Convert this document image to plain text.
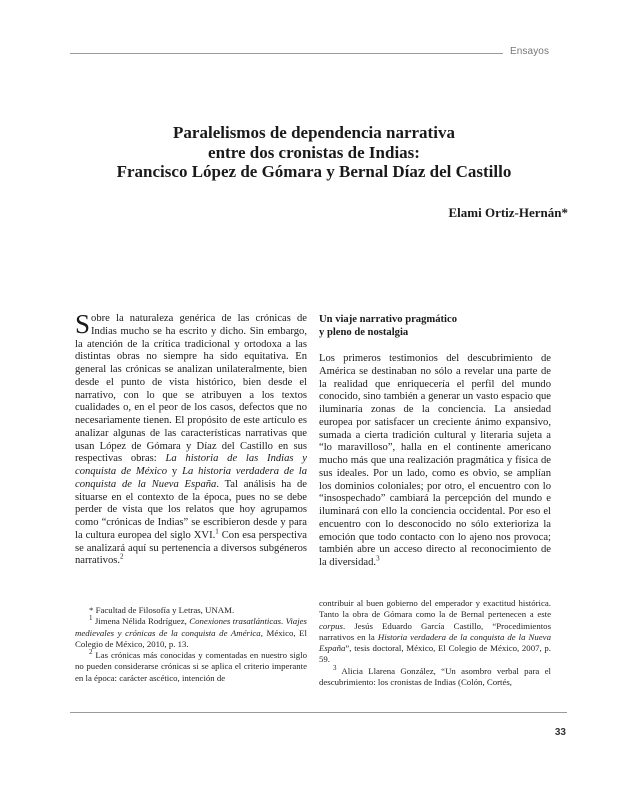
Ensayos
Paralelismos de dependencia narrativa
entre dos cronistas de Indias:
Francisco López de Gómara y Bernal Díaz del Castillo
Elami Ortiz-Hernán*

Sobre la naturaleza genérica de las crónicas de Indias mucho se ha escrito y dicho. Sin embargo, la atención de la crítica tradicional y ortodoxa a las distintas obras no siempre ha sido equitativa. En general las crónicas se analizan unilateralmente, bien desde el punto de vista histórico, bien desde el narrativo, con lo que se atribuyen a los textos cualidades o, en el peor de los casos, defectos que no necesariamente tienen. El propósito de este artículo es analizar algunas de las características narrativas que usan López de Gómara y Díaz del Castillo en sus respectivas obras: La historia de las Indias y conquista de México y La historia verdadera de la conquista de la Nueva España. Tal análisis ha de situarse en el contexto de la época, pues no se debe perder de vista que los relatos que hoy agrupamos como “crónicas de Indias” se escribieron desde y para la cultura europea del siglo XVI.$^1$ Con esa perspectiva se analizará aquí su pertenencia a diversos subgéneros narrativos.$^2$

Un viaje narrativo pragmático
y pleno de nostalgia

Los primeros testimonios del descubrimiento de América se destinaban no sólo a revelar una parte de la realidad que enriquecería el perfil del mundo conocido, sino también a generar un vasto espacio que iluminaría zonas de la conciencia. La ansiedad europea por satisfacer un creciente ánimo expansivo, sumada a cierta tradición cultural y literaria sujeta a “lo maravilloso”, halla en el continente americano mucho más que una realización pragmática y física de sus ideales. Por un lado, como es obvio, se amplían los dominios coloniales; por otro, el encuentro con lo “insospechado” cambiará la percepción del mundo e iluminará con ello la conciencia occidental. Por eso el encuentro con lo desconocido no sólo exterioriza la emoción que todo contacto con lo ajeno nos provoca; también abre un acceso directo al reconocimiento de la diversidad.$^3$

* Facultad de Filosofía y Letras, UNAM.

$^1$ Jimena Nélida Rodríguez, Conexiones trasatlánticas. Viajes medievales y crónicas de la conquista de América, México, El Colegio de México, 2010, p. 13.

$^2$ Las crónicas más conocidas y comentadas en nuestro siglo no pueden considerarse crónicas si se aplica el criterio imperante en la época: carácter ascético, intención de

contribuir al buen gobierno del emperador y exactitud histórica. Tanto la obra de Gómara como la de Bernal pertenecen a este corpus. Jesús Eduardo García Castillo, “Procedimientos narrativos en la Historia verdadera de la conquista de la Nueva España”, tesis doctoral, México, El Colegio de México, 2007, p. 59.

$^3$ Alicia Llarena González, “Un asombro verbal para el descubrimiento: los cronistas de Indias (Colón, Cortés,

33
